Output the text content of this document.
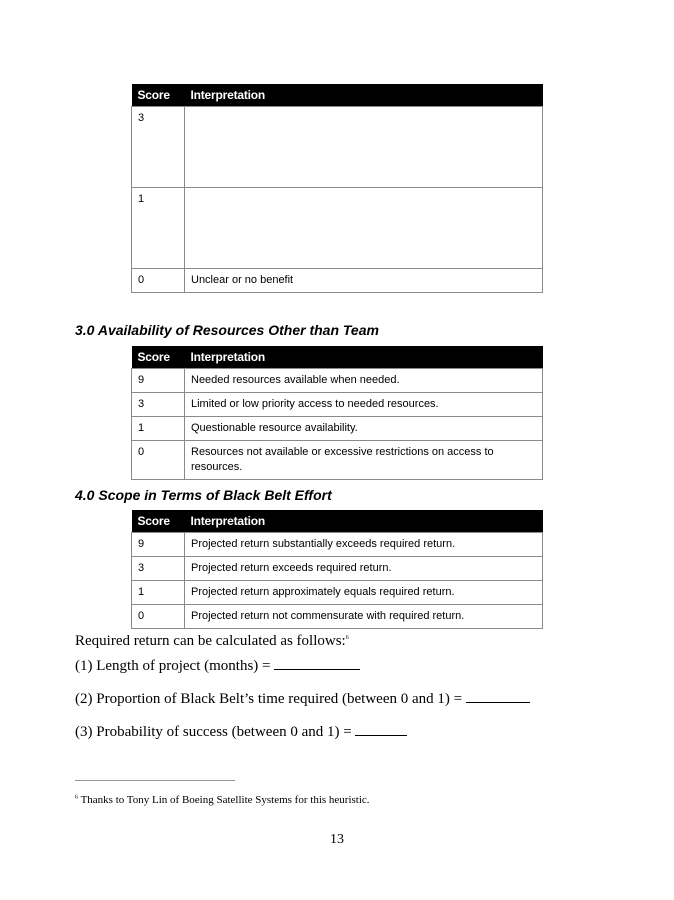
Score	Interpretation
3	
1	
0	Unclear or no benefit
3.0 Availability of Resources Other than Team
Score	Interpretation
9	Needed resources available when needed.
3	Limited or low priority access to needed resources.
1	Questionable resource availability.
0	Resources not available or excessive restrictions on access to resources.
4.0 Scope in Terms of Black Belt Effort
Score	Interpretation
9	Projected return substantially exceeds required return.
3	Projected return exceeds required return.
1	Projected return approximately equals required return.
0	Projected return not commensurate with required return.

Required return can be calculated as follows:$^6$

(1) Length of project (months) =

(2) Proportion of Black Belt’s time required (between 0 and 1) =

(3) Probability of success (between 0 and 1) =

$^6$ Thanks to Tony Lin of Boeing Satellite Systems for this heuristic.

13
